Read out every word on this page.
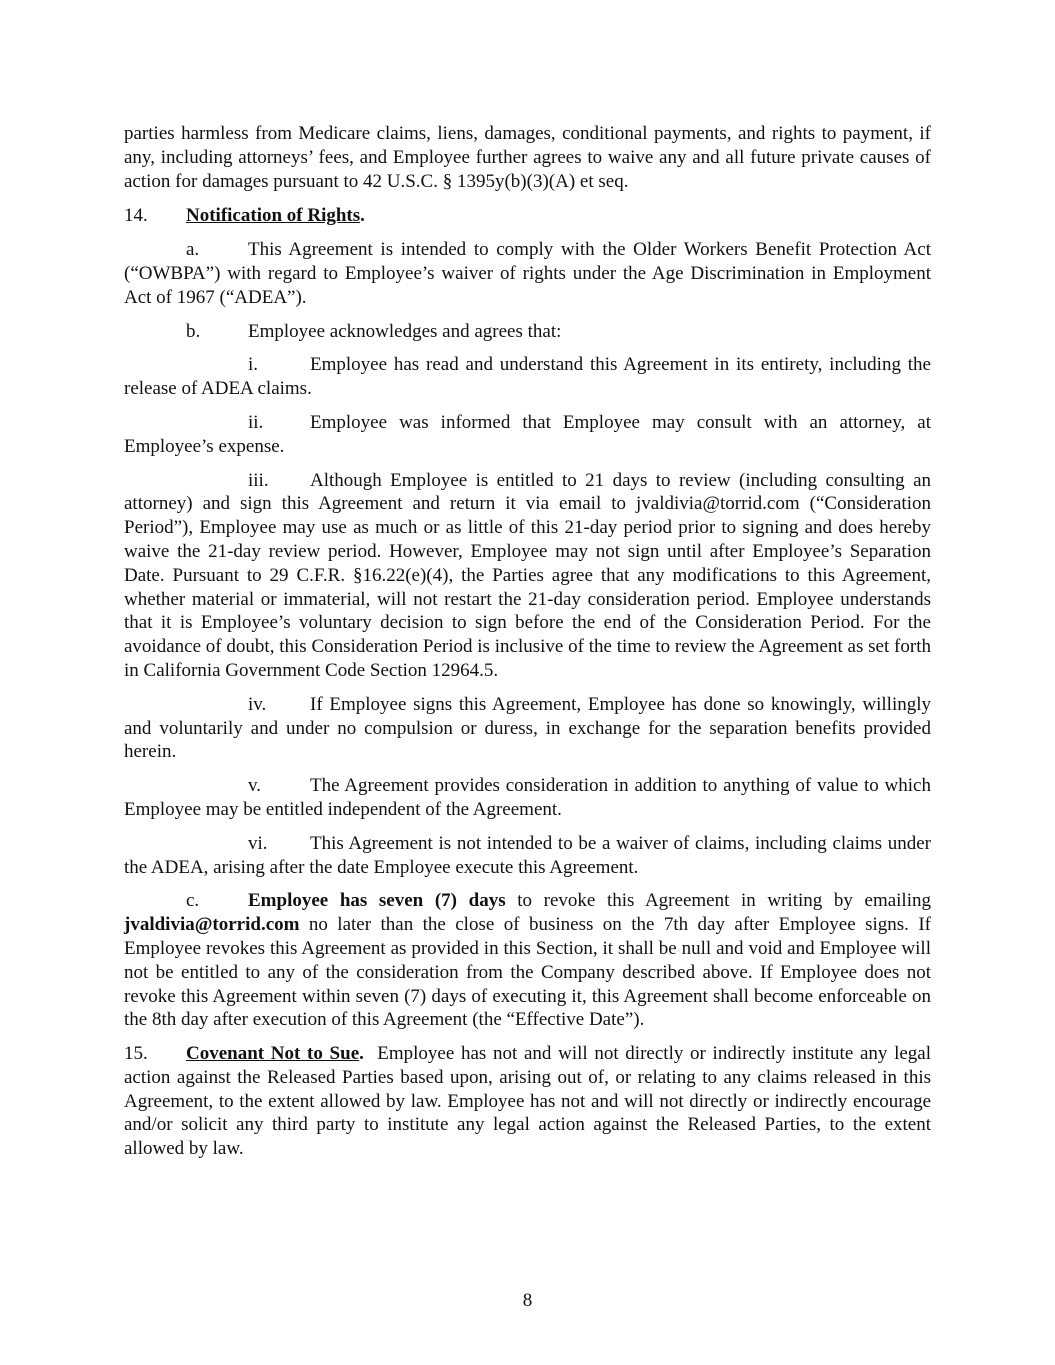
parties harmless from Medicare claims, liens, damages, conditional payments, and rights to payment, if any, including attorneys’ fees, and Employee further agrees to waive any and all future private causes of action for damages pursuant to 42 U.S.C. § 1395y(b)(3)(A) et seq.

14.	Notification of Rights.

a.	This Agreement is intended to comply with the Older Workers Benefit Protection Act (“OWBPA”) with regard to Employee’s waiver of rights under the Age Discrimination in Employment Act of 1967 (“ADEA”).

b.	Employee acknowledges and agrees that:

i.	Employee has read and understand this Agreement in its entirety, including the release of ADEA claims.

ii. Employee was informed that Employee may consult with an attorney, at Employee’s expense.

iii. Although Employee is entitled to 21 days to review (including consulting an attorney) and sign this Agreement and return it via email to jvaldivia@torrid.com (“Consideration Period”), Employee may use as much or as little of this 21-day period prior to signing and does hereby waive the 21-day review period. However, Employee may not sign until after Employee’s Separation Date. Pursuant to 29 C.F.R. §16.22(e)(4), the Parties agree that any modifications to this Agreement, whether material or immaterial, will not restart the 21-day consideration period. Employee understands that it is Employee’s voluntary decision to sign before the end of the Consideration Period. For the avoidance of doubt, this Consideration Period is inclusive of the time to review the Agreement as set forth in California Government Code Section 12964.5.

iv. If Employee signs this Agreement, Employee has done so knowingly, willingly and voluntarily and under no compulsion or duress, in exchange for the separation benefits provided herein.

v.	The Agreement provides consideration in addition to anything of value to which Employee may be entitled independent of the Agreement.

vi. This Agreement is not intended to be a waiver of claims, including claims under the ADEA, arising after the date Employee execute this Agreement.

c.	Employee has seven (7) days to revoke this Agreement in writing by emailing jvaldivia@torrid.com no later than the close of business on the 7th day after Employee signs. If Employee revokes this Agreement as provided in this Section, it shall be null and void and Employee will not be entitled to any of the consideration from the Company described above. If Employee does not revoke this Agreement within seven (7) days of executing it, this Agreement shall become enforceable on the 8th day after execution of this Agreement (the “Effective Date”).

15. Covenant Not to Sue.  Employee has not and will not directly or indirectly institute any legal action against the Released Parties based upon, arising out of, or relating to any claims released in this Agreement, to the extent allowed by law. Employee has not and will not directly or indirectly encourage and/or solicit any third party to institute any legal action against the Released Parties, to the extent allowed by law.

8
